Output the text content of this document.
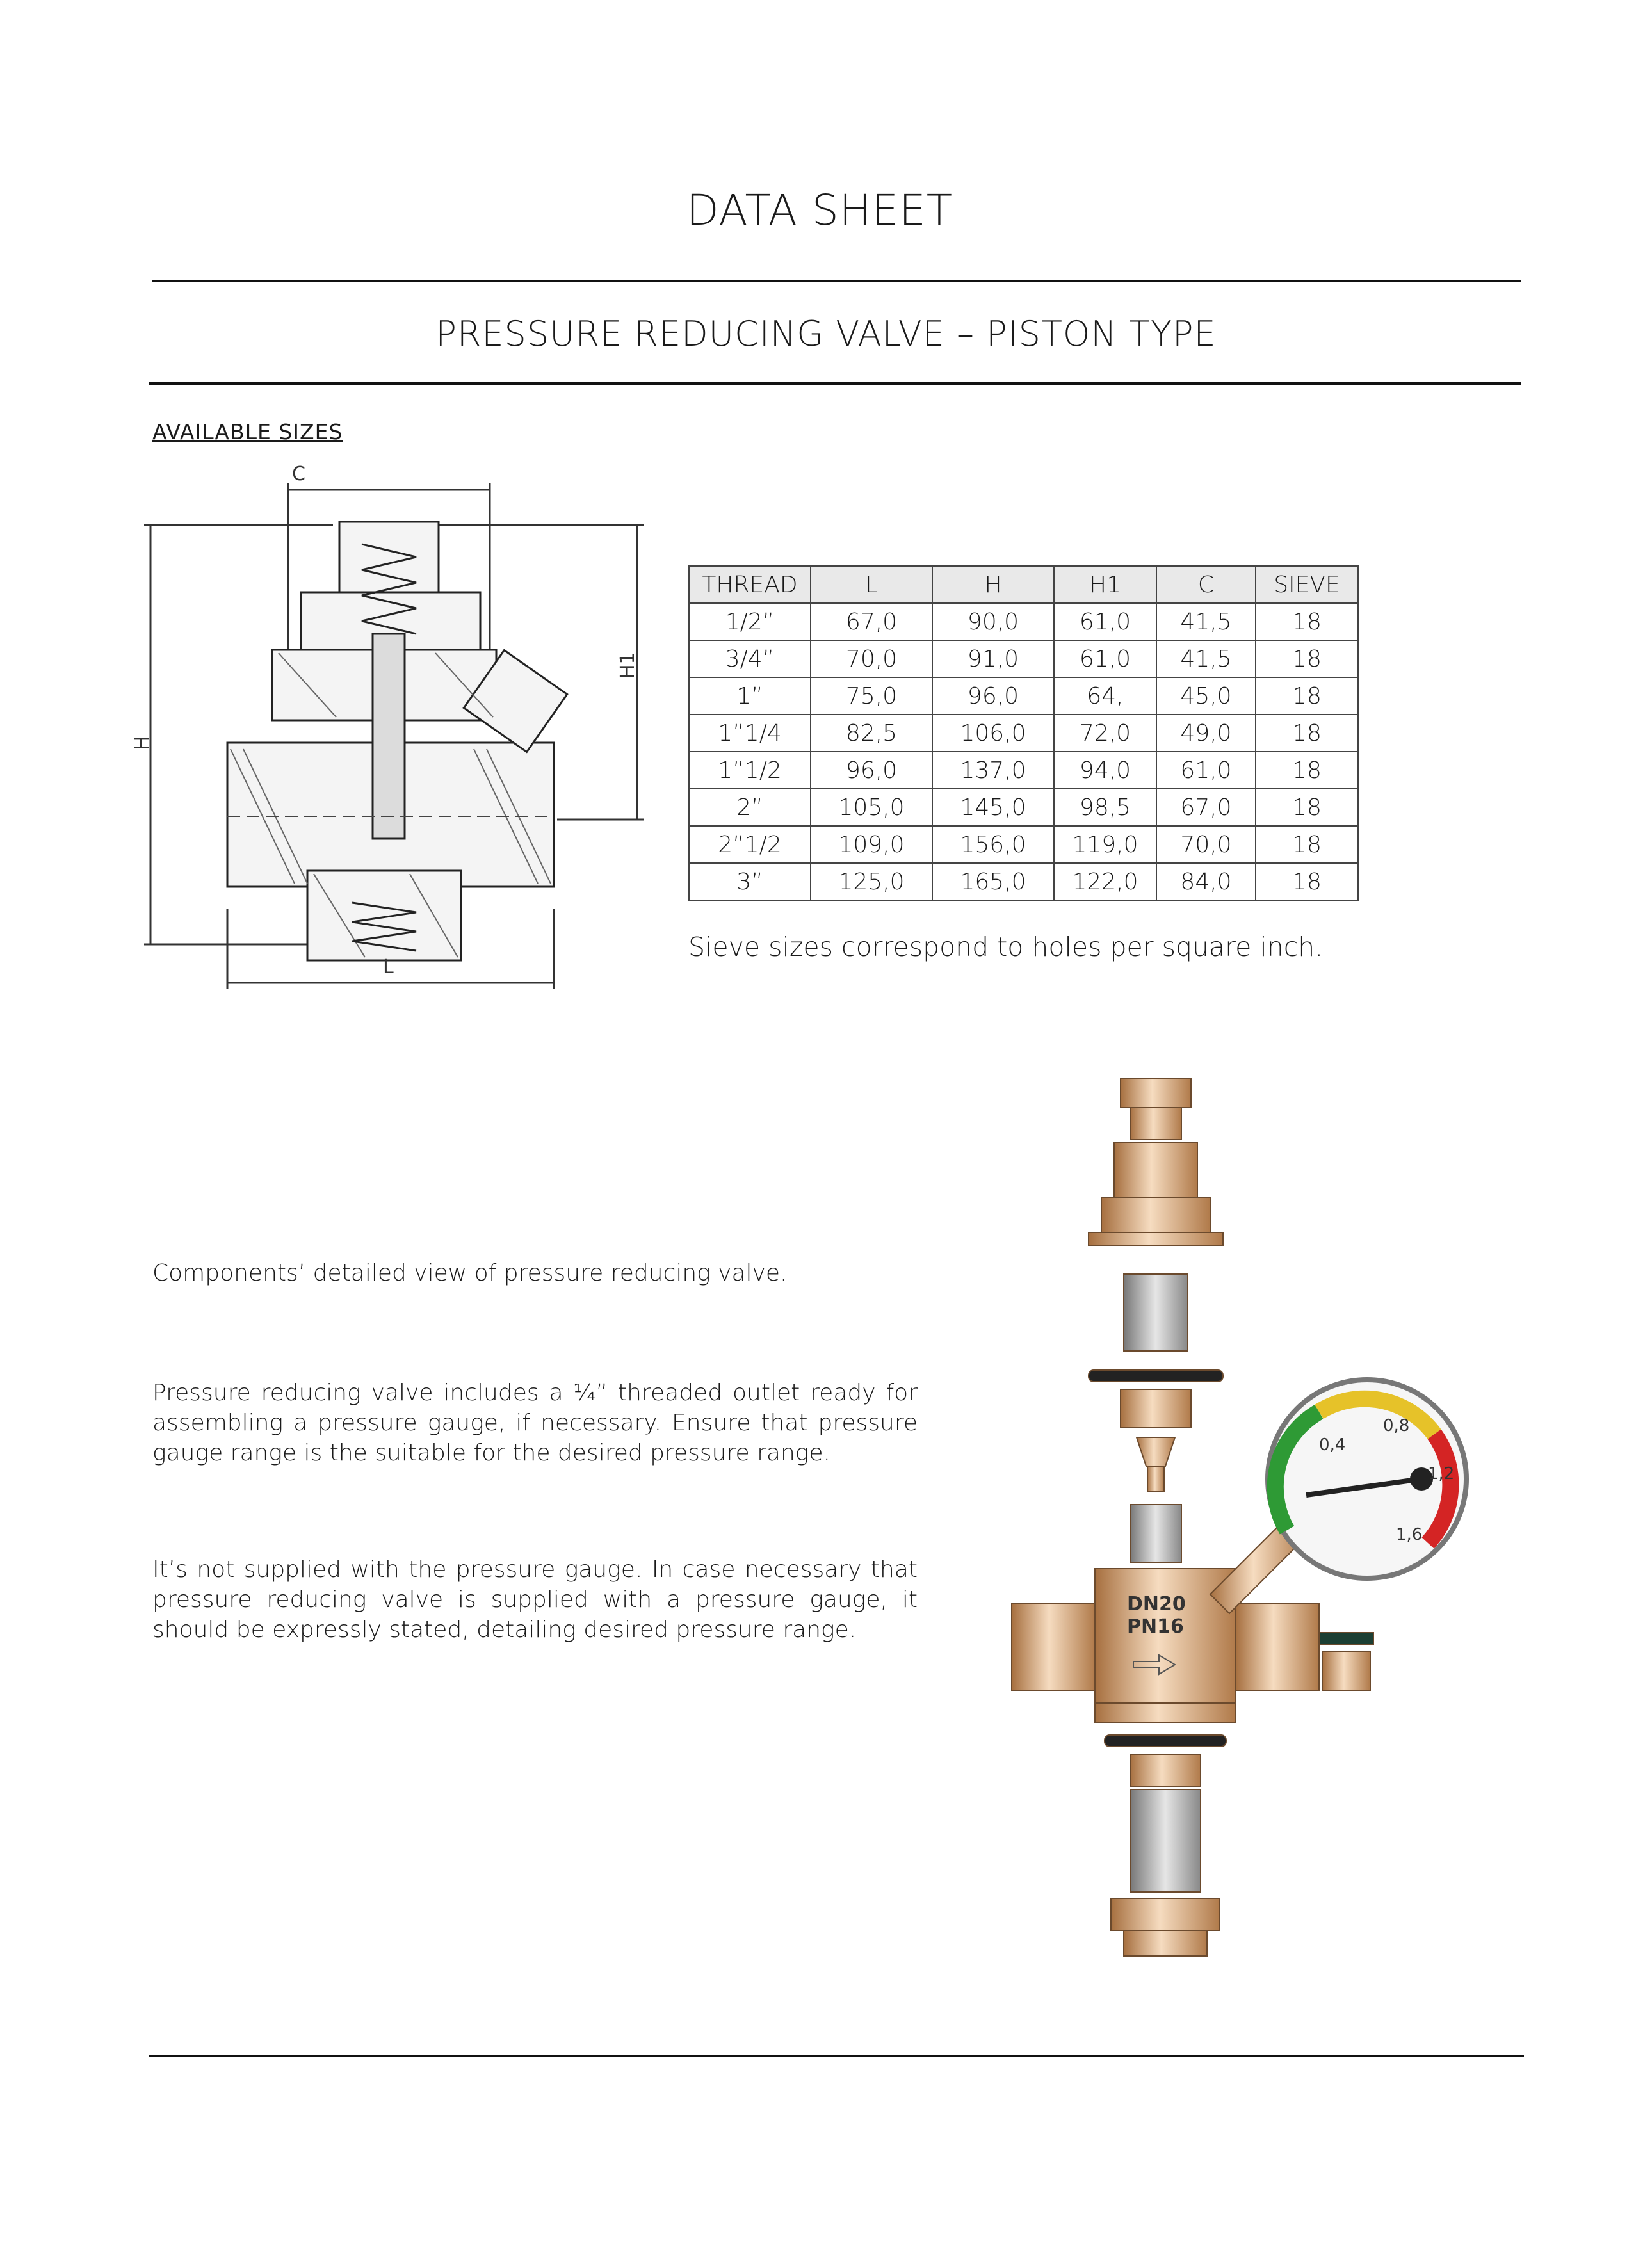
DATA SHEET
PRESSURE REDUCING VALVE – PISTON TYPE
AVAILABLE SIZES
C
H
H1
L
THREAD	L	H	H1	C	SIEVE
1/2”	67,0	90,0	61,0	41,5	18
3/4”	70,0	91,0	61,0	41,5	18
1”	75,0	96,0	64,	45,0	18
1”1/4	82,5	106,0	72,0	49,0	18
1”1/2	96,0	137,0	94,0	61,0	18
2”	105,0	145,0	98,5	67,0	18
2”1/2	109,0	156,0	119,0	70,0	18
3”	125,0	165,0	122,0	84,0	18
Sieve sizes correspond to holes per square inch.
Components’ detailed view of pressure reducing valve.
Pressure reducing valve includes a ¼” threaded outlet ready for assembling a pressure gauge, if necessary. Ensure that pressure gauge range is the suitable for the desired pressure range.
It’s not supplied with the pressure gauge. In case necessary that pressure reducing valve is supplied with a pressure gauge, it should be expressly stated, detailing desired pressure range.
0,4
0,8
1,2
1,6
DN20
PN16
